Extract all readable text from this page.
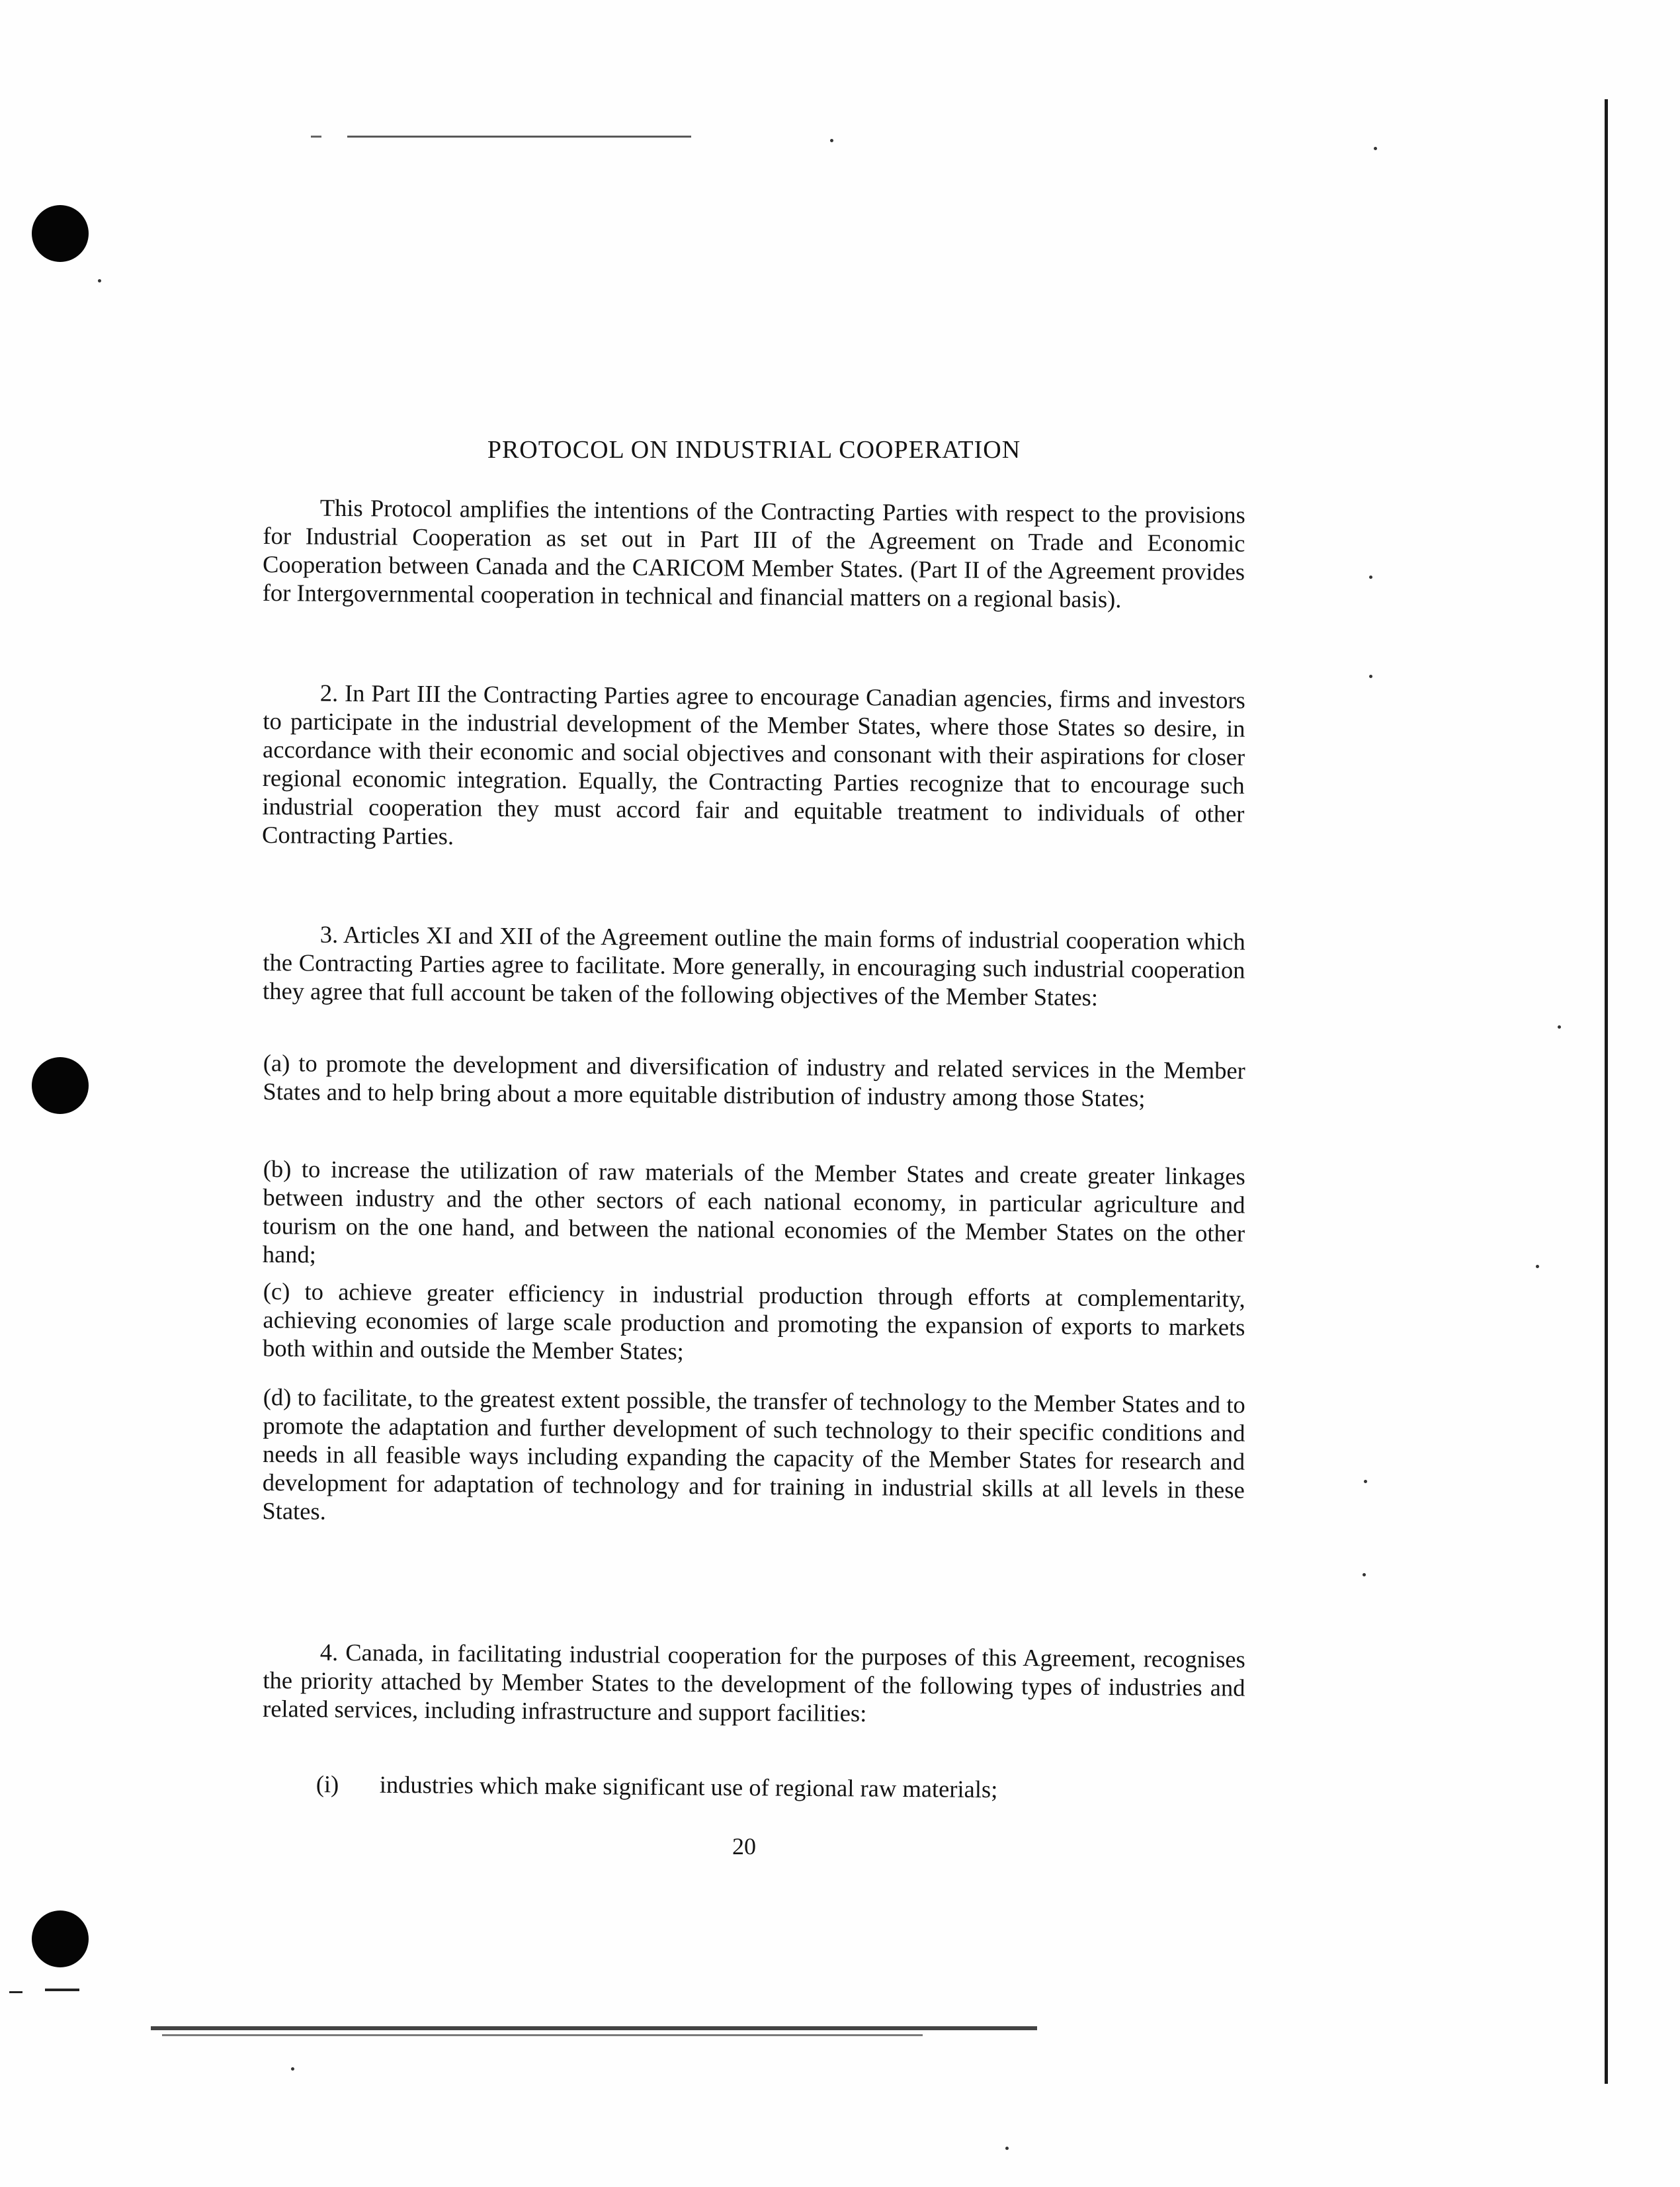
PROTOCOL ON INDUSTRIAL COOPERATION

This Protocol amplifies the intentions of the Contracting Parties with respect to the provisions for Industrial Cooperation as set out in Part III of the Agreement on Trade and Economic Cooperation between Canada and the CARICOM Member States. (Part II of the Agreement provides for Intergovernmental cooperation in technical and financial matters on a regional basis).

2. In Part III the Contracting Parties agree to encourage Canadian agencies, firms and investors to participate in the industrial development of the Member States, where those States so desire, in accordance with their economic and social objectives and consonant with their aspirations for closer regional economic integration. Equally, the Contracting Parties recognize that to encourage such industrial cooperation they must accord fair and equitable treatment to individuals of other Contracting Parties.

3. Articles XI and XII of the Agreement outline the main forms of industrial cooperation which the Contracting Parties agree to facilitate. More generally, in encouraging such industrial cooperation they agree that full account be taken of the following objectives of the Member States:

(a) to promote the development and diversification of industry and related services in the Member States and to help bring about a more equitable distribution of industry among those States;

(b) to increase the utilization of raw materials of the Member States and create greater linkages between industry and the other sectors of each national economy, in particular agriculture and tourism on the one hand, and between the national economies of the Member States on the other hand;

(c) to achieve greater efficiency in industrial production through efforts at complementarity, achieving economies of large scale production and promoting the expansion of exports to markets both within and outside the Member States;

(d) to facilitate, to the greatest extent possible, the transfer of technology to the Member States and to promote the adaptation and further development of such technology to their specific conditions and needs in all feasible ways including expanding the capacity of the Member States for research and development for adaptation of technology and for training in industrial skills at all levels in these States.

4. Canada, in facilitating industrial cooperation for the purposes of this Agreement, recognises the priority attached by Member States to the development of the following types of industries and related services, including infrastructure and support facilities:

(i) industries which make significant use of regional raw materials;
20
